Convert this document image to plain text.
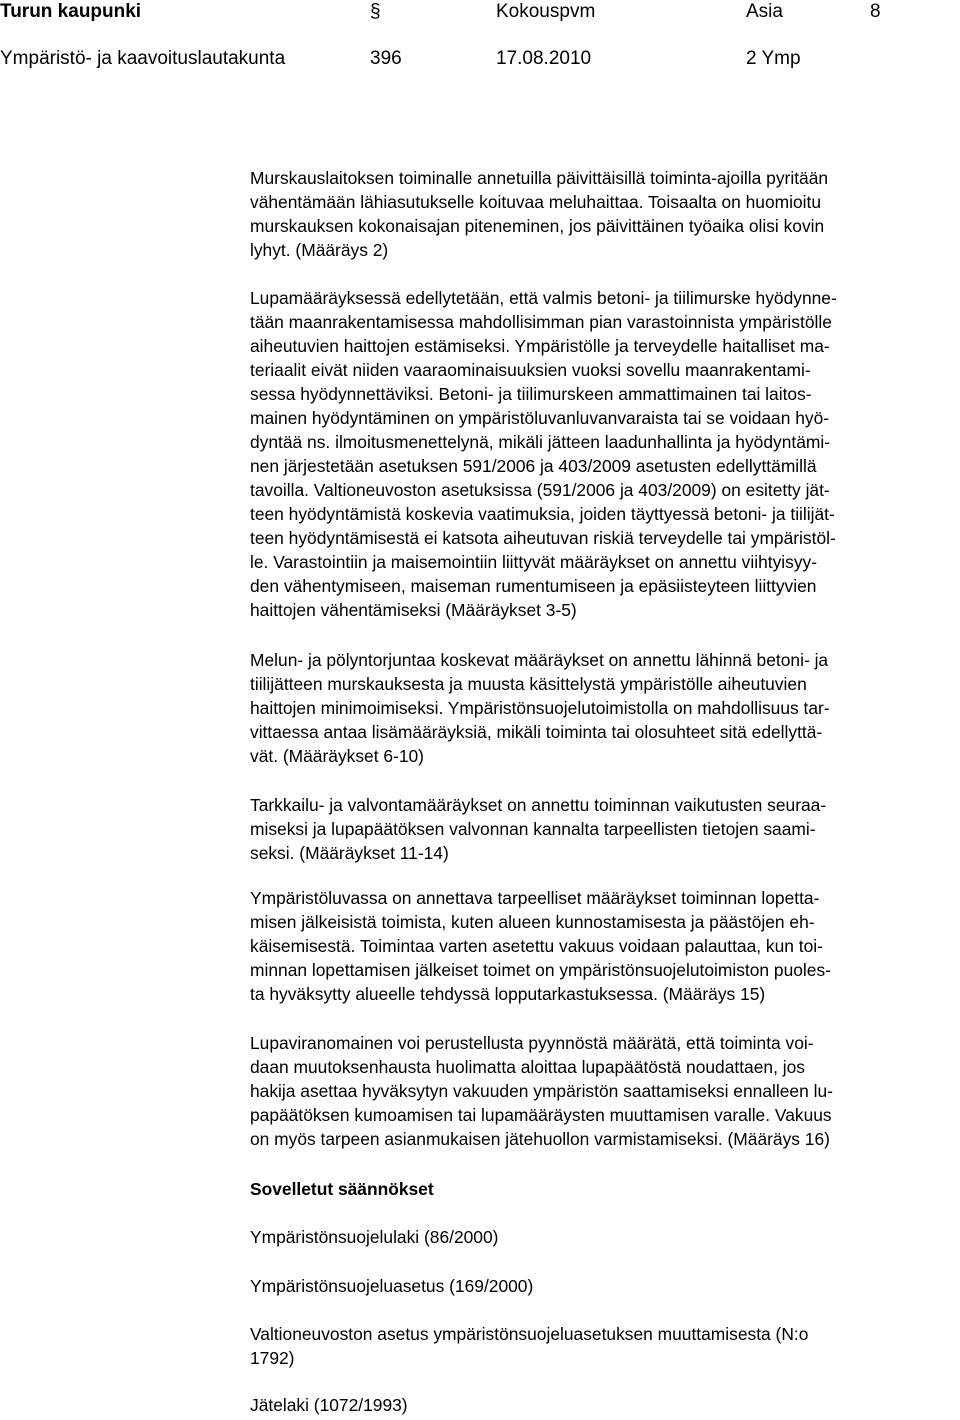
Turun kaupunki	§	Kokouspvm	Asia	8
Ympäristö- ja kaavoituslautakunta	396	17.08.2010	2 Ymp

Murskauslaitoksen toiminalle annetuilla päivittäisillä toiminta-ajoilla pyritään
vähentämään lähiasutukselle koituvaa meluhaittaa. Toisaalta on huomioitu
murskauksen kokonaisajan piteneminen, jos päivittäinen työaika olisi kovin
lyhyt. (Määräys 2)

Lupamääräyksessä edellytetään, että valmis betoni- ja tiilimurske hyödynne-
tään maanrakentamisessa mahdollisimman pian varastoinnista ympäristölle
aiheutuvien haittojen estämiseksi. Ympäristölle ja terveydelle haitalliset ma-
teriaalit eivät niiden vaaraominaisuuksien vuoksi sovellu maanrakentami-
sessa hyödynnettäviksi. Betoni- ja tiilimurskeen ammattimainen tai laitos-
mainen hyödyntäminen on ympäristöluvanluvanvaraista tai se voidaan hyö-
dyntää ns. ilmoitusmenettelynä, mikäli jätteen laadunhallinta ja hyödyntämi-
nen järjestetään asetuksen 591/2006 ja 403/2009 asetusten edellyttämillä
tavoilla. Valtioneuvoston asetuksissa (591/2006 ja 403/2009) on esitetty jät-
teen hyödyntämistä koskevia vaatimuksia, joiden täyttyessä betoni- ja tiilijät-
teen hyödyntämisestä ei katsota aiheutuvan riskiä terveydelle tai ympäristöl-
le. Varastointiin ja maisemointiin liittyvät määräykset on annettu viihtyisyy-
den vähentymiseen, maiseman rumentumiseen ja epäsiisteyteen liittyvien
haittojen vähentämiseksi (Määräykset 3-5)

Melun- ja pölyntorjuntaa koskevat määräykset on annettu lähinnä betoni- ja
tiilijätteen murskauksesta ja muusta käsittelystä ympäristölle aiheutuvien
haittojen minimoimiseksi. Ympäristönsuojelutoimistolla on mahdollisuus tar-
vittaessa antaa lisämääräyksiä, mikäli toiminta tai olosuhteet sitä edellyttä-
vät. (Määräykset 6-10)

Tarkkailu- ja valvontamääräykset on annettu toiminnan vaikutusten seuraa-
miseksi ja lupapäätöksen valvonnan kannalta tarpeellisten tietojen saami-
seksi. (Määräykset 11-14)

Ympäristöluvassa on annettava tarpeelliset määräykset toiminnan lopetta-
misen jälkeisistä toimista, kuten alueen kunnostamisesta ja päästöjen eh-
käisemisestä. Toimintaa varten asetettu vakuus voidaan palauttaa, kun toi-
minnan lopettamisen jälkeiset toimet on ympäristönsuojelutoimiston puoles-
ta hyväksytty alueelle tehdyssä lopputarkastuksessa. (Määräys 15)

Lupaviranomainen voi perustellusta pyynnöstä määrätä, että toiminta voi-
daan muutoksenhausta huolimatta aloittaa lupapäätöstä noudattaen, jos
hakija asettaa hyväksytyn vakuuden ympäristön saattamiseksi ennalleen lu-
papäätöksen kumoamisen tai lupamääräysten muuttamisen varalle. Vakuus
on myös tarpeen asianmukaisen jätehuollon varmistamiseksi. (Määräys 16)

Sovelletut säännökset
Ympäristönsuojelulaki (86/2000)
Ympäristönsuojeluasetus (169/2000)
Valtioneuvoston asetus ympäristönsuojeluasetuksen muuttamisesta (N:o
1792)
Jätelaki (1072/1993)
